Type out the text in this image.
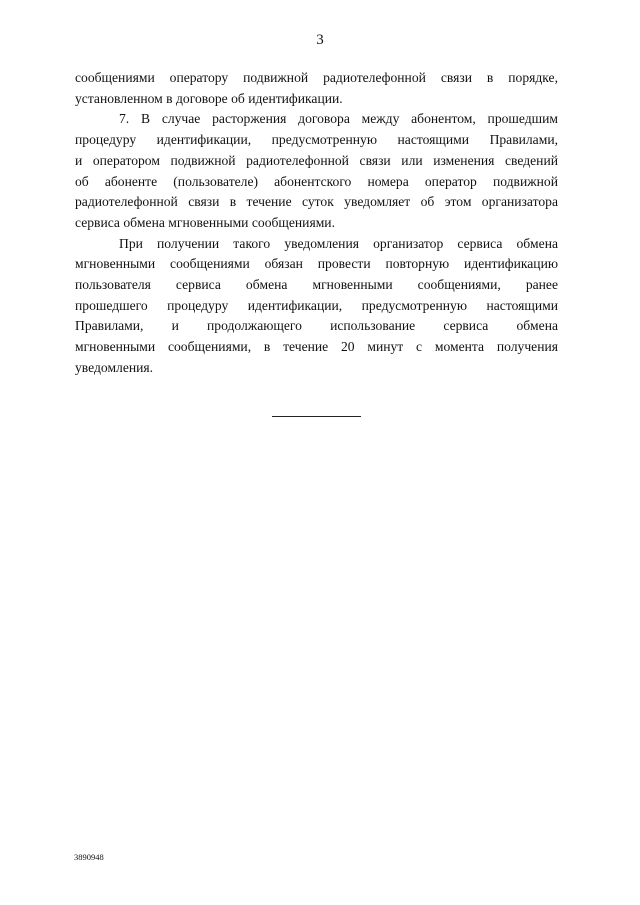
3
сообщениями оператору подвижной радиотелефонной связи в порядке,
установленном в договоре об идентификации.
7. В случае расторжения договора между абонентом, прошедшим
процедуру идентификации, предусмотренную настоящими Правилами,
и оператором подвижной радиотелефонной связи или изменения сведений
об абоненте (пользователе) абонентского номера оператор подвижной
радиотелефонной связи в течение суток уведомляет об этом организатора
сервиса обмена мгновенными сообщениями.
При получении такого уведомления организатор сервиса обмена
мгновенными сообщениями обязан провести повторную идентификацию
пользователя сервиса обмена мгновенными сообщениями, ранее
прошедшего процедуру идентификации, предусмотренную настоящими
Правилами, и продолжающего использование сервиса обмена
мгновенными сообщениями, в течение 20 минут с момента получения
уведомления.
3890948
